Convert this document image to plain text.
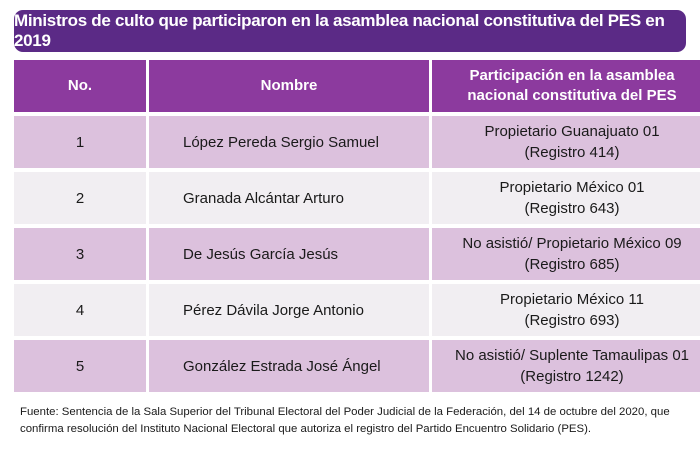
Ministros de culto que participaron en la asamblea nacional constitutiva del PES en 2019
No.	Nombre	Participación en la asamblea
nacional constitutiva del PES

1	López Pereda Sergio Samuel	Propietario Guanajuato 01
(Registro 414)

2	Granada Alcántar Arturo	Propietario México 01
(Registro 643)

3	De Jesús García Jesús	No asistió/ Propietario México 09
(Registro 685)

4	Pérez Dávila Jorge Antonio	Propietario México 11
(Registro 693)

5	González Estrada José Ángel	No asistió/ Suplente Tamaulipas 01
(Registro 1242)
Fuente: Sentencia de la Sala Superior del Tribunal Electoral del Poder Judicial de la Federación, del 14 de octubre del 2020, que
confirma resolución del Instituto Nacional Electoral que autoriza el registro del Partido Encuentro Solidario (PES).
